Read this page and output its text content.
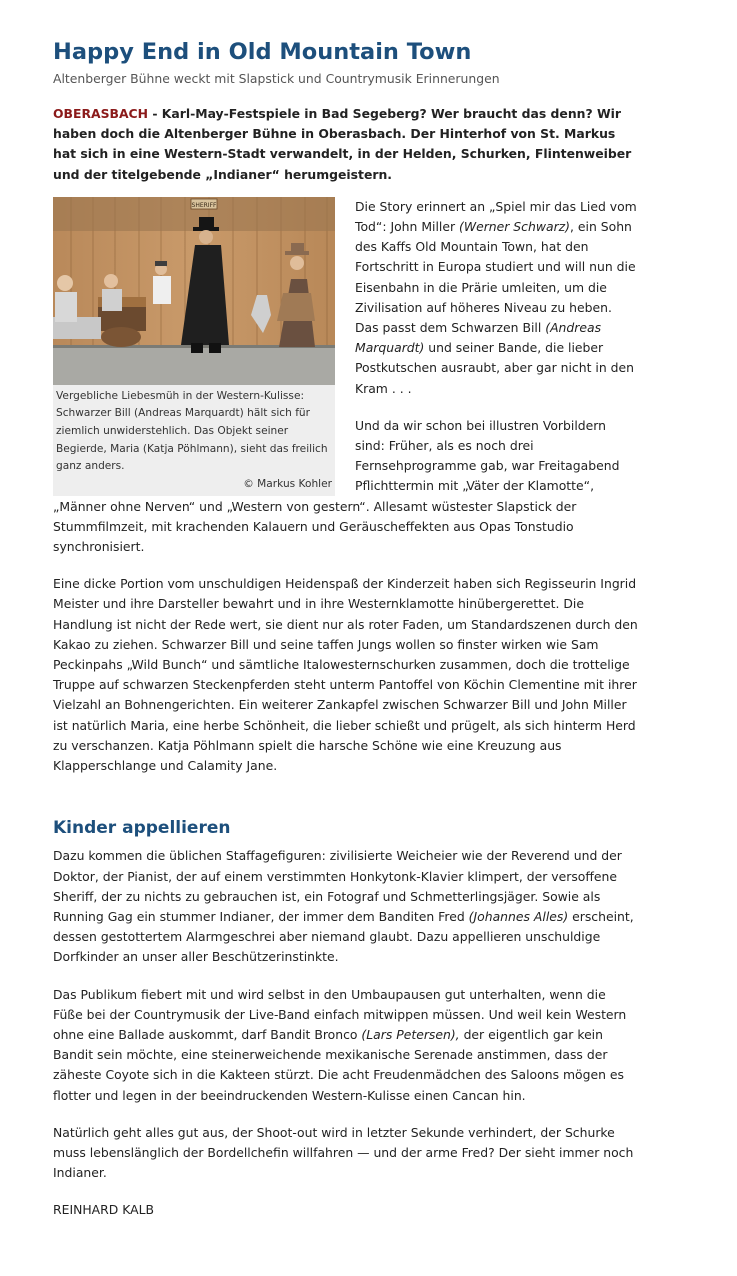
Happy End in Old Mountain Town
Altenberger Bühne weckt mit Slapstick und Countrymusik Erinnerungen

OBERASBACH - Karl-May-Festspiele in Bad Segeberg? Wer braucht das denn? Wir haben doch die Altenberger Bühne in Oberasbach. Der Hinterhof von St. Markus hat sich in eine Western-Stadt verwandelt, in der Helden, Schurken, Flintenweiber und der titelgebende „Indianer“ herumgeistern.

SHERIFF
Vergebliche Liebesmüh in der Western-Kulisse: Schwarzer Bill (Andreas Marquardt) hält sich für ziemlich unwiderstehlich. Das Objekt seiner Begierde, Maria (Katja Pöhlmann), sieht das freilich ganz anders.
© Markus Kohler

Die Story erinnert an „Spiel mir das Lied vom Tod“: John Miller (Werner Schwarz), ein Sohn des Kaffs Old Mountain Town, hat den Fortschritt in Europa studiert und will nun die Eisenbahn in die Prärie umleiten, um die Zivilisation auf höheres Niveau zu heben. Das passt dem Schwarzen Bill (Andreas Marquardt) und seiner Bande, die lieber Postkutschen ausraubt, aber gar nicht in den Kram . . .

Und da wir schon bei illustren Vorbildern sind: Früher, als es noch drei Fernsehprogramme gab, war Freitagabend Pflichttermin mit „Väter der Klamotte“, „Männer ohne Nerven“ und „Western von gestern“. Allesamt wüstester Slapstick der Stummfilmzeit, mit krachenden Kalauern und Geräuscheffekten aus Opas Tonstudio synchronisiert.

Eine dicke Portion vom unschuldigen Heidenspaß der Kinderzeit haben sich Regisseurin Ingrid Meister und ihre Darsteller bewahrt und in ihre Westernklamotte hinübergerettet. Die Handlung ist nicht der Rede wert, sie dient nur als roter Faden, um Standardszenen durch den Kakao zu ziehen. Schwarzer Bill und seine taffen Jungs wollen so finster wirken wie Sam Peckinpahs „Wild Bunch“ und sämtliche Italowesternschurken zusammen, doch die trottelige Truppe auf schwarzen Steckenpferden steht unterm Pantoffel von Köchin Clementine mit ihrer Vielzahl an Bohnengerichten. Ein weiterer Zankapfel zwischen Schwarzer Bill und John Miller ist natürlich Maria, eine herbe Schönheit, die lieber schießt und prügelt, als sich hinterm Herd zu verschanzen. Katja Pöhlmann spielt die harsche Schöne wie eine Kreuzung aus Klapperschlange und Calamity Jane.

Kinder appellieren

Dazu kommen die üblichen Staffagefiguren: zivilisierte Weicheier wie der Reverend und der Doktor, der Pianist, der auf einem verstimmten Honkytonk-Klavier klimpert, der versoffene Sheriff, der zu nichts zu gebrauchen ist, ein Fotograf und Schmetterlingsjäger. Sowie als Running Gag ein stummer Indianer, der immer dem Banditen Fred (Johannes Alles) erscheint, dessen gestottertem Alarmgeschrei aber niemand glaubt. Dazu appellieren unschuldige Dorfkinder an unser aller Beschützerinstinkte.

Das Publikum fiebert mit und wird selbst in den Umbaupausen gut unterhalten, wenn die Füße bei der Countrymusik der Live-Band einfach mitwippen müssen. Und weil kein Western ohne eine Ballade auskommt, darf Bandit Bronco (Lars Petersen), der eigentlich gar kein Bandit sein möchte, eine steinerweichende mexikanische Serenade anstimmen, dass der zäheste Coyote sich in die Kakteen stürzt. Die acht Freudenmädchen des Saloons mögen es flotter und legen in der beeindruckenden Western-Kulisse einen Cancan hin.

Natürlich geht alles gut aus, der Shoot-out wird in letzter Sekunde verhindert, der Schurke muss lebenslänglich der Bordellchefin willfahren — und der arme Fred? Der sieht immer noch Indianer.

REINHARD KALB
